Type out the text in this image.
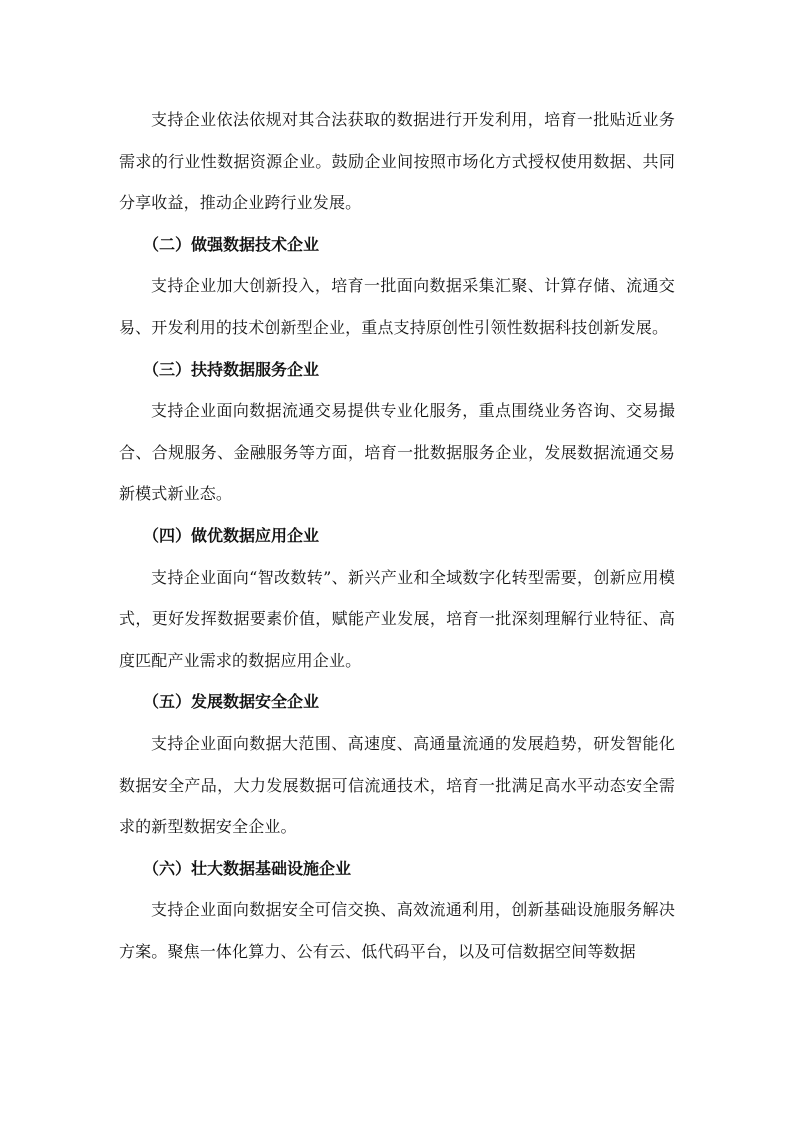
支持企业依法依规对其合法获取的数据进行开发利用，培育一批贴近业务需求的行业性数据资源企业。鼓励企业间按照市场化方式授权使用数据、共同分享收益，推动企业跨行业发展。

（二）做强数据技术企业

支持企业加大创新投入，培育一批面向数据采集汇聚、计算存储、流通交易、开发利用的技术创新型企业，重点支持原创性引领性数据科技创新发展。

（三）扶持数据服务企业

支持企业面向数据流通交易提供专业化服务，重点围绕业务咨询、交易撮合、合规服务、金融服务等方面，培育一批数据服务企业，发展数据流通交易新模式新业态。

（四）做优数据应用企业

支持企业面向“智改数转”、新兴产业和全域数字化转型需要，创新应用模式，更好发挥数据要素价值，赋能产业发展，培育一批深刻理解行业特征、高度匹配产业需求的数据应用企业。

（五）发展数据安全企业

支持企业面向数据大范围、高速度、高通量流通的发展趋势，研发智能化数据安全产品，大力发展数据可信流通技术，培育一批满足高水平动态安全需求的新型数据安全企业。

（六）壮大数据基础设施企业

支持企业面向数据安全可信交换、高效流通利用，创新基础设施服务解决方案。聚焦一体化算力、公有云、低代码平台，以及可信数据空间等数据
